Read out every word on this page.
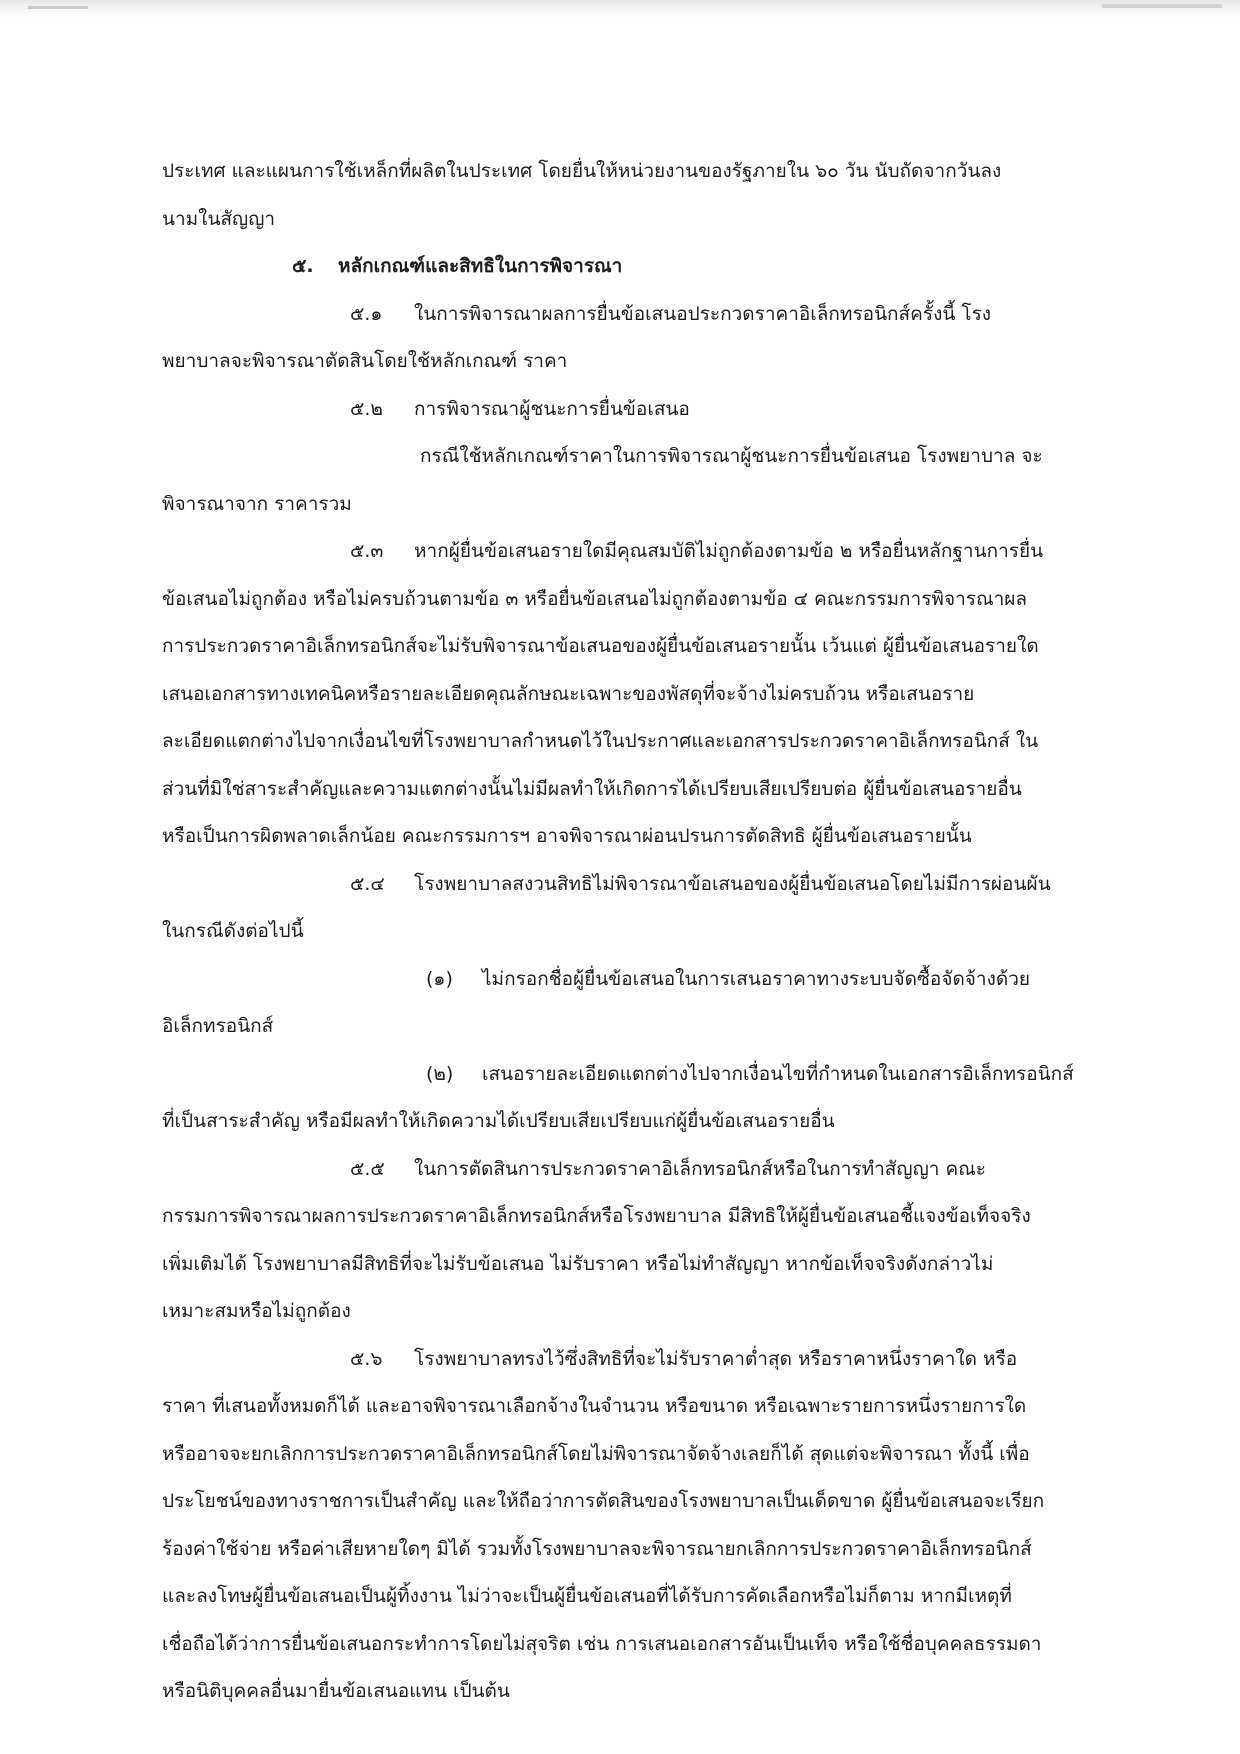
ประเทศ และแผนการใช้เหล็กที่ผลิตในประเทศ โดยยื่นให้หน่วยงานของรัฐภายใน ๖๐ วัน นับถัดจากวันลง
นามในสัญญา
๕. หลักเกณฑ์และสิทธิในการพิจารณา
๕.๑ ในการพิจารณาผลการยื่นข้อเสนอประกวดราคาอิเล็กทรอนิกส์ครั้งนี้ โรง
พยาบาลจะพิจารณาตัดสินโดยใช้หลักเกณฑ์ ราคา
๕.๒ การพิจารณาผู้ชนะการยื่นข้อเสนอ
กรณีใช้หลักเกณฑ์ราคาในการพิจารณาผู้ชนะการยื่นข้อเสนอ โรงพยาบาล จะ
พิจารณาจาก ราคารวม
๕.๓ หากผู้ยื่นข้อเสนอรายใดมีคุณสมบัติไม่ถูกต้องตามข้อ ๒ หรือยื่นหลักฐานการยื่น
ข้อเสนอไม่ถูกต้อง หรือไม่ครบถ้วนตามข้อ ๓ หรือยื่นข้อเสนอไม่ถูกต้องตามข้อ ๔ คณะกรรมการพิจารณาผล
การประกวดราคาอิเล็กทรอนิกส์จะไม่รับพิจารณาข้อเสนอของผู้ยื่นข้อเสนอรายนั้น เว้นแต่ ผู้ยื่นข้อเสนอรายใด
เสนอเอกสารทางเทคนิคหรือรายละเอียดคุณลักษณะเฉพาะของพัสดุที่จะจ้างไม่ครบถ้วน หรือเสนอราย
ละเอียดแตกต่างไปจากเงื่อนไขที่โรงพยาบาลกำหนดไว้ในประกาศและเอกสารประกวดราคาอิเล็กทรอนิกส์ ใน
ส่วนที่มิใช่สาระสำคัญและความแตกต่างนั้นไม่มีผลทำให้เกิดการได้เปรียบเสียเปรียบต่อ ผู้ยื่นข้อเสนอรายอื่น
หรือเป็นการผิดพลาดเล็กน้อย คณะกรรมการฯ อาจพิจารณาผ่อนปรนการตัดสิทธิ ผู้ยื่นข้อเสนอรายนั้น
๕.๔ โรงพยาบาลสงวนสิทธิไม่พิจารณาข้อเสนอของผู้ยื่นข้อเสนอโดยไม่มีการผ่อนผัน
ในกรณีดังต่อไปนี้
(๑) ไม่กรอกชื่อผู้ยื่นข้อเสนอในการเสนอราคาทางระบบจัดซื้อจัดจ้างด้วย
อิเล็กทรอนิกส์
(๒) เสนอรายละเอียดแตกต่างไปจากเงื่อนไขที่กำหนดในเอกสารอิเล็กทรอนิกส์
ที่เป็นสาระสำคัญ หรือมีผลทำให้เกิดความได้เปรียบเสียเปรียบแก่ผู้ยื่นข้อเสนอรายอื่น
๕.๕ ในการตัดสินการประกวดราคาอิเล็กทรอนิกส์หรือในการทำสัญญา คณะ
กรรมการพิจารณาผลการประกวดราคาอิเล็กทรอนิกส์หรือโรงพยาบาล มีสิทธิให้ผู้ยื่นข้อเสนอชี้แจงข้อเท็จจริง
เพิ่มเติมได้ โรงพยาบาลมีสิทธิที่จะไม่รับข้อเสนอ ไม่รับราคา หรือไม่ทำสัญญา หากข้อเท็จจริงดังกล่าวไม่
เหมาะสมหรือไม่ถูกต้อง
๕.๖ โรงพยาบาลทรงไว้ซึ่งสิทธิที่จะไม่รับราคาต่ำสุด หรือราคาหนึ่งราคาใด หรือ
ราคา ที่เสนอทั้งหมดก็ได้ และอาจพิจารณาเลือกจ้างในจำนวน หรือขนาด หรือเฉพาะรายการหนึ่งรายการใด
หรืออาจจะยกเลิกการประกวดราคาอิเล็กทรอนิกส์โดยไม่พิจารณาจัดจ้างเลยก็ได้ สุดแต่จะพิจารณา ทั้งนี้ เพื่อ
ประโยชน์ของทางราชการเป็นสำคัญ และให้ถือว่าการตัดสินของโรงพยาบาลเป็นเด็ดขาด ผู้ยื่นข้อเสนอจะเรียก
ร้องค่าใช้จ่าย หรือค่าเสียหายใดๆ มิได้ รวมทั้งโรงพยาบาลจะพิจารณายกเลิกการประกวดราคาอิเล็กทรอนิกส์
และลงโทษผู้ยื่นข้อเสนอเป็นผู้ทิ้งงาน ไม่ว่าจะเป็นผู้ยื่นข้อเสนอที่ได้รับการคัดเลือกหรือไม่ก็ตาม หากมีเหตุที่
เชื่อถือได้ว่าการยื่นข้อเสนอกระทำการโดยไม่สุจริต เช่น การเสนอเอกสารอันเป็นเท็จ หรือใช้ชื่อบุคคลธรรมดา
หรือนิติบุคคลอื่นมายื่นข้อเสนอแทน เป็นต้น
